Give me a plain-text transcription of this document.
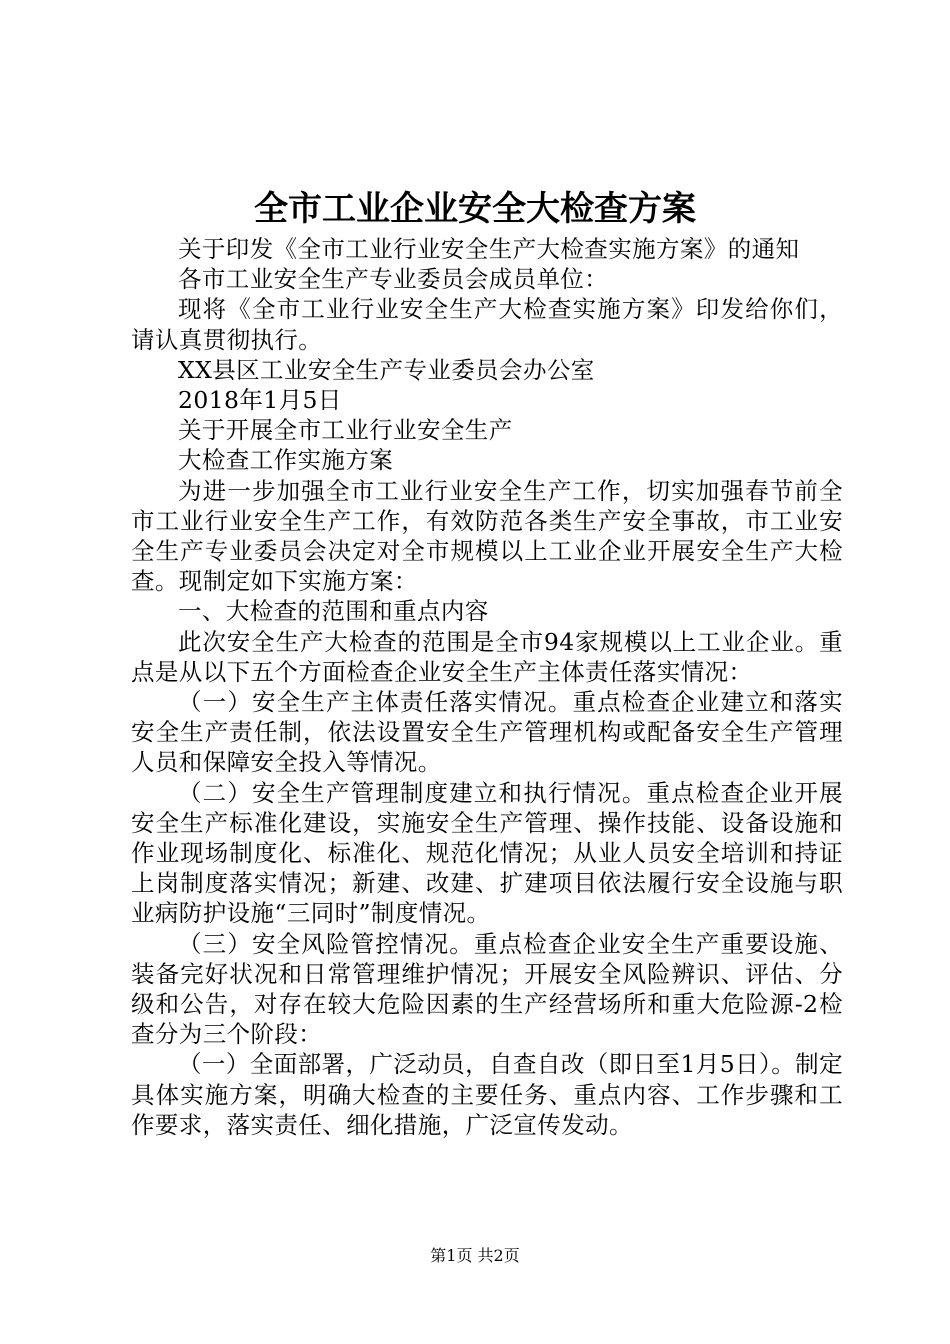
全市工业企业安全大检查方案

关于印发《全市工业行业安全生产大检查实施方案》的通知

各市工业安全生产专业委员会成员单位：

现将《全市工业行业安全生产大检查实施方案》印发给你们，请认真贯彻执行。

XX县区工业安全生产专业委员会办公室

2018年1月5日

关于开展全市工业行业安全生产

大检查工作实施方案

为进一步加强全市工业行业安全生产工作，切实加强春节前全市工业行业安全生产工作，有效防范各类生产安全事故，市工业安全生产专业委员会决定对全市规模以上工业企业开展安全生产大检查。现制定如下实施方案：

一、大检查的范围和重点内容

此次安全生产大检查的范围是全市94家规模以上工业企业。重点是从以下五个方面检查企业安全生产主体责任落实情况：

（一）安全生产主体责任落实情况。重点检查企业建立和落实安全生产责任制，依法设置安全生产管理机构或配备安全生产管理人员和保障安全投入等情况。

（二）安全生产管理制度建立和执行情况。重点检查企业开展安全生产标准化建设，实施安全生产管理、操作技能、设备设施和作业现场制度化、标准化、规范化情况；从业人员安全培训和持证上岗制度落实情况；新建、改建、扩建项目依法履行安全设施与职业病防护设施“三同时”制度情况。

（三）安全风险管控情况。重点检查企业安全生产重要设施、装备完好状况和日常管理维护情况；开展安全风险辨识、评估、分级和公告，对存在较大危险因素的生产经营场所和重大危险源-2检查分为三个阶段：

（一）全面部署，广泛动员，自查自改（即日至1月5日）。制定具体实施方案，明确大检查的主要任务、重点内容、工作步骤和工作要求，落实责任、细化措施，广泛宣传发动。

第1页 共2页
